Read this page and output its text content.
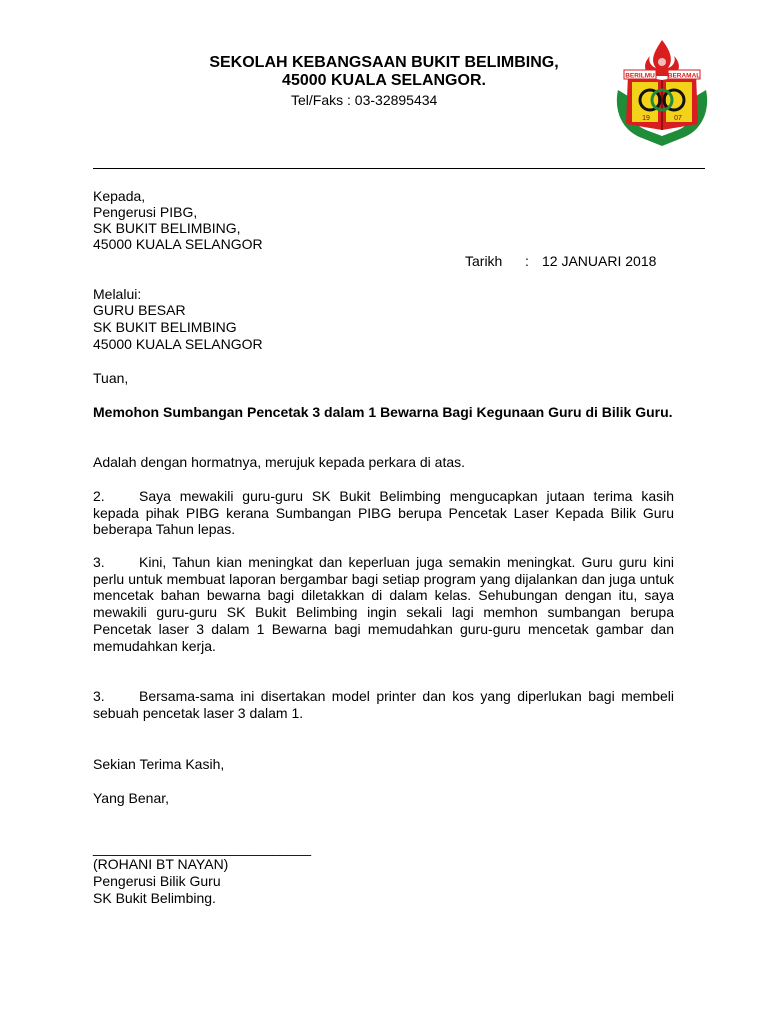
SEKOLAH KEBANGSAAN BUKIT BELIMBING,
45000 KUALA SELANGOR.
Tel/Faks : 03-32895434
BERILMU BERAMAL
19	07
Kepada,
Pengerusi PIBG,
SK BUKIT BELIMBING,
45000 KUALA SELANGOR
Tarikh : 12 JANUARI 2018
Melalui:
GURU BESAR
SK BUKIT BELIMBING
45000 KUALA SELANGOR
Tuan,
Memohon Sumbangan Pencetak 3 dalam 1 Bewarna Bagi Kegunaan Guru di Bilik Guru.
Adalah dengan hormatnya, merujuk kepada perkara di atas.
2. Saya mewakili guru-guru SK Bukit Belimbing mengucapkan jutaan terima kasih kepada pihak PIBG kerana Sumbangan PIBG berupa Pencetak Laser Kepada Bilik Guru beberapa Tahun lepas.
3. Kini, Tahun kian meningkat dan keperluan juga semakin meningkat. Guru guru kini perlu untuk membuat laporan bergambar bagi setiap program yang dijalankan dan juga untuk mencetak bahan bewarna bagi diletakkan di dalam kelas. Sehubungan dengan itu, saya mewakili guru-guru SK Bukit Belimbing ingin sekali lagi memhon sumbangan berupa Pencetak laser 3 dalam 1 Bewarna bagi memudahkan guru-guru mencetak gambar dan memudahkan kerja.
3. Bersama-sama ini disertakan model printer dan kos yang diperlukan bagi membeli sebuah pencetak laser 3 dalam 1.
Sekian Terima Kasih,
Yang Benar,
____________________________
(ROHANI BT NAYAN)
Pengerusi Bilik Guru
SK Bukit Belimbing.
